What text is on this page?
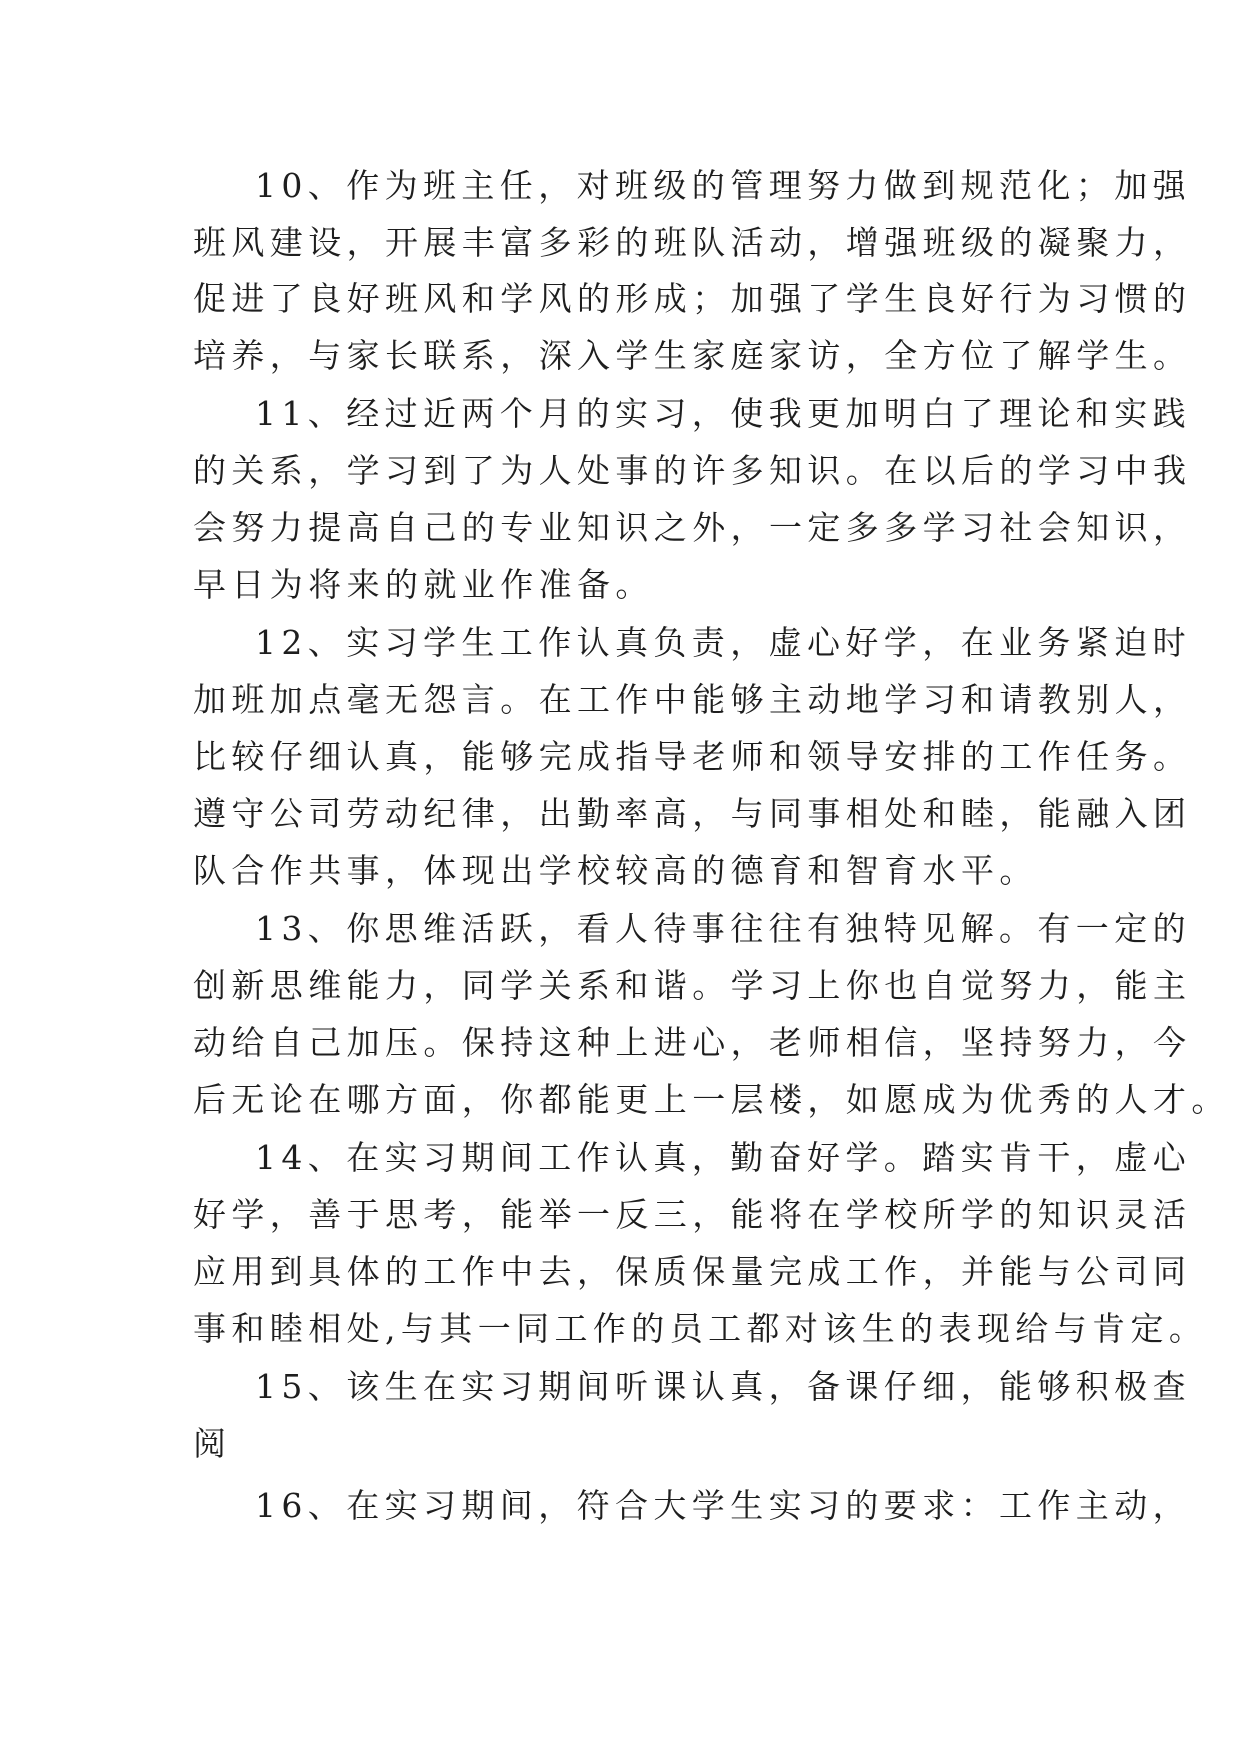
10、作为班主任，对班级的管理努力做到规范化；加强
班风建设，开展丰富多彩的班队活动，增强班级的凝聚力，
促进了良好班风和学风的形成；加强了学生良好行为习惯的
培养，与家长联系，深入学生家庭家访，全方位了解学生。
11、经过近两个月的实习，使我更加明白了理论和实践
的关系，学习到了为人处事的许多知识。在以后的学习中我
会努力提高自己的专业知识之外，一定多多学习社会知识，
早日为将来的就业作准备。
12、实习学生工作认真负责，虚心好学，在业务紧迫时
加班加点毫无怨言。在工作中能够主动地学习和请教别人，
比较仔细认真，能够完成指导老师和领导安排的工作任务。
遵守公司劳动纪律，出勤率高，与同事相处和睦，能融入团
队合作共事，体现出学校较高的德育和智育水平。
13、你思维活跃，看人待事往往有独特见解。有一定的
创新思维能力，同学关系和谐。学习上你也自觉努力，能主
动给自己加压。保持这种上进心，老师相信，坚持努力，今
后无论在哪方面，你都能更上一层楼，如愿成为优秀的人才。
14、在实习期间工作认真，勤奋好学。踏实肯干，虚心
好学，善于思考，能举一反三，能将在学校所学的知识灵活
应用到具体的工作中去，保质保量完成工作，并能与公司同
事和睦相处,与其一同工作的员工都对该生的表现给与肯定。
15、该生在实习期间听课认真，备课仔细，能够积极查
阅
16、在实习期间，符合大学生实习的要求：工作主动，
